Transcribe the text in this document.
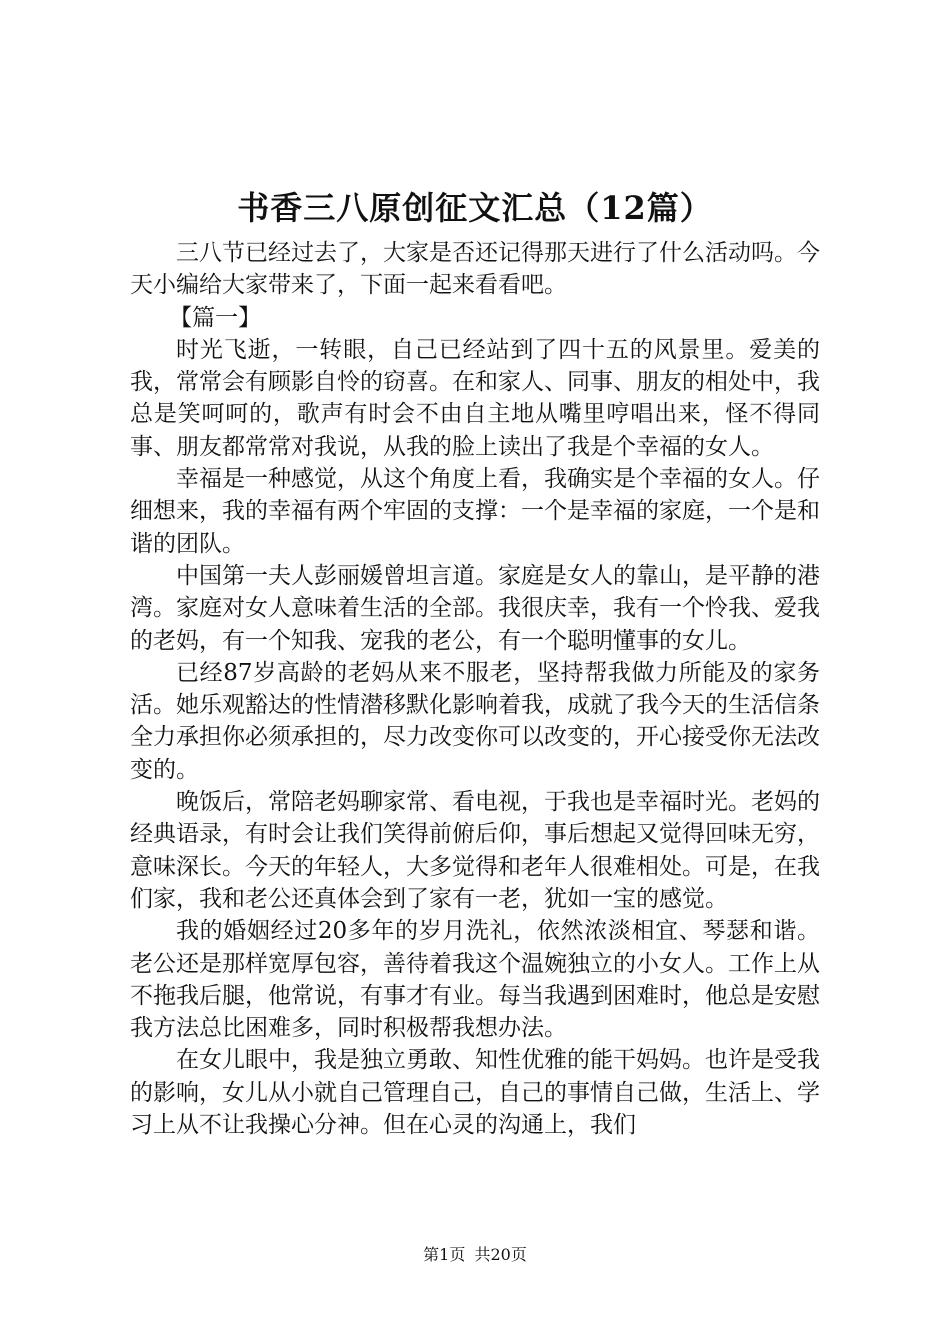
书香三八原创征文汇总（12篇）

三八节已经过去了，大家是否还记得那天进行了什么活动吗。今天小编给大家带来了，下面一起来看看吧。

【篇一】

时光飞逝，一转眼，自己已经站到了四十五的风景里。爱美的我，常常会有顾影自怜的窃喜。在和家人、同事、朋友的相处中，我总是笑呵呵的，歌声有时会不由自主地从嘴里哼唱出来，怪不得同事、朋友都常常对我说，从我的脸上读出了我是个幸福的女人。

幸福是一种感觉，从这个角度上看，我确实是个幸福的女人。仔细想来，我的幸福有两个牢固的支撑：一个是幸福的家庭，一个是和谐的团队。

中国第一夫人彭丽媛曾坦言道。家庭是女人的靠山，是平静的港湾。家庭对女人意味着生活的全部。我很庆幸，我有一个怜我、爱我的老妈，有一个知我、宠我的老公，有一个聪明懂事的女儿。

已经87岁高龄的老妈从来不服老，坚持帮我做力所能及的家务活。她乐观豁达的性情潜移默化影响着我，成就了我今天的生活信条全力承担你必须承担的，尽力改变你可以改变的，开心接受你无法改变的。

晚饭后，常陪老妈聊家常、看电视，于我也是幸福时光。老妈的经典语录，有时会让我们笑得前俯后仰，事后想起又觉得回味无穷，意味深长。今天的年轻人，大多觉得和老年人很难相处。可是，在我们家，我和老公还真体会到了家有一老，犹如一宝的感觉。

我的婚姻经过20多年的岁月洗礼，依然浓淡相宜、琴瑟和谐。老公还是那样宽厚包容，善待着我这个温婉独立的小女人。工作上从不拖我后腿，他常说，有事才有业。每当我遇到困难时，他总是安慰我方法总比困难多，同时积极帮我想办法。

在女儿眼中，我是独立勇敢、知性优雅的能干妈妈。也许是受我的影响，女儿从小就自己管理自己，自己的事情自己做，生活上、学习上从不让我操心分神。但在心灵的沟通上，我们

第1页 共20页
